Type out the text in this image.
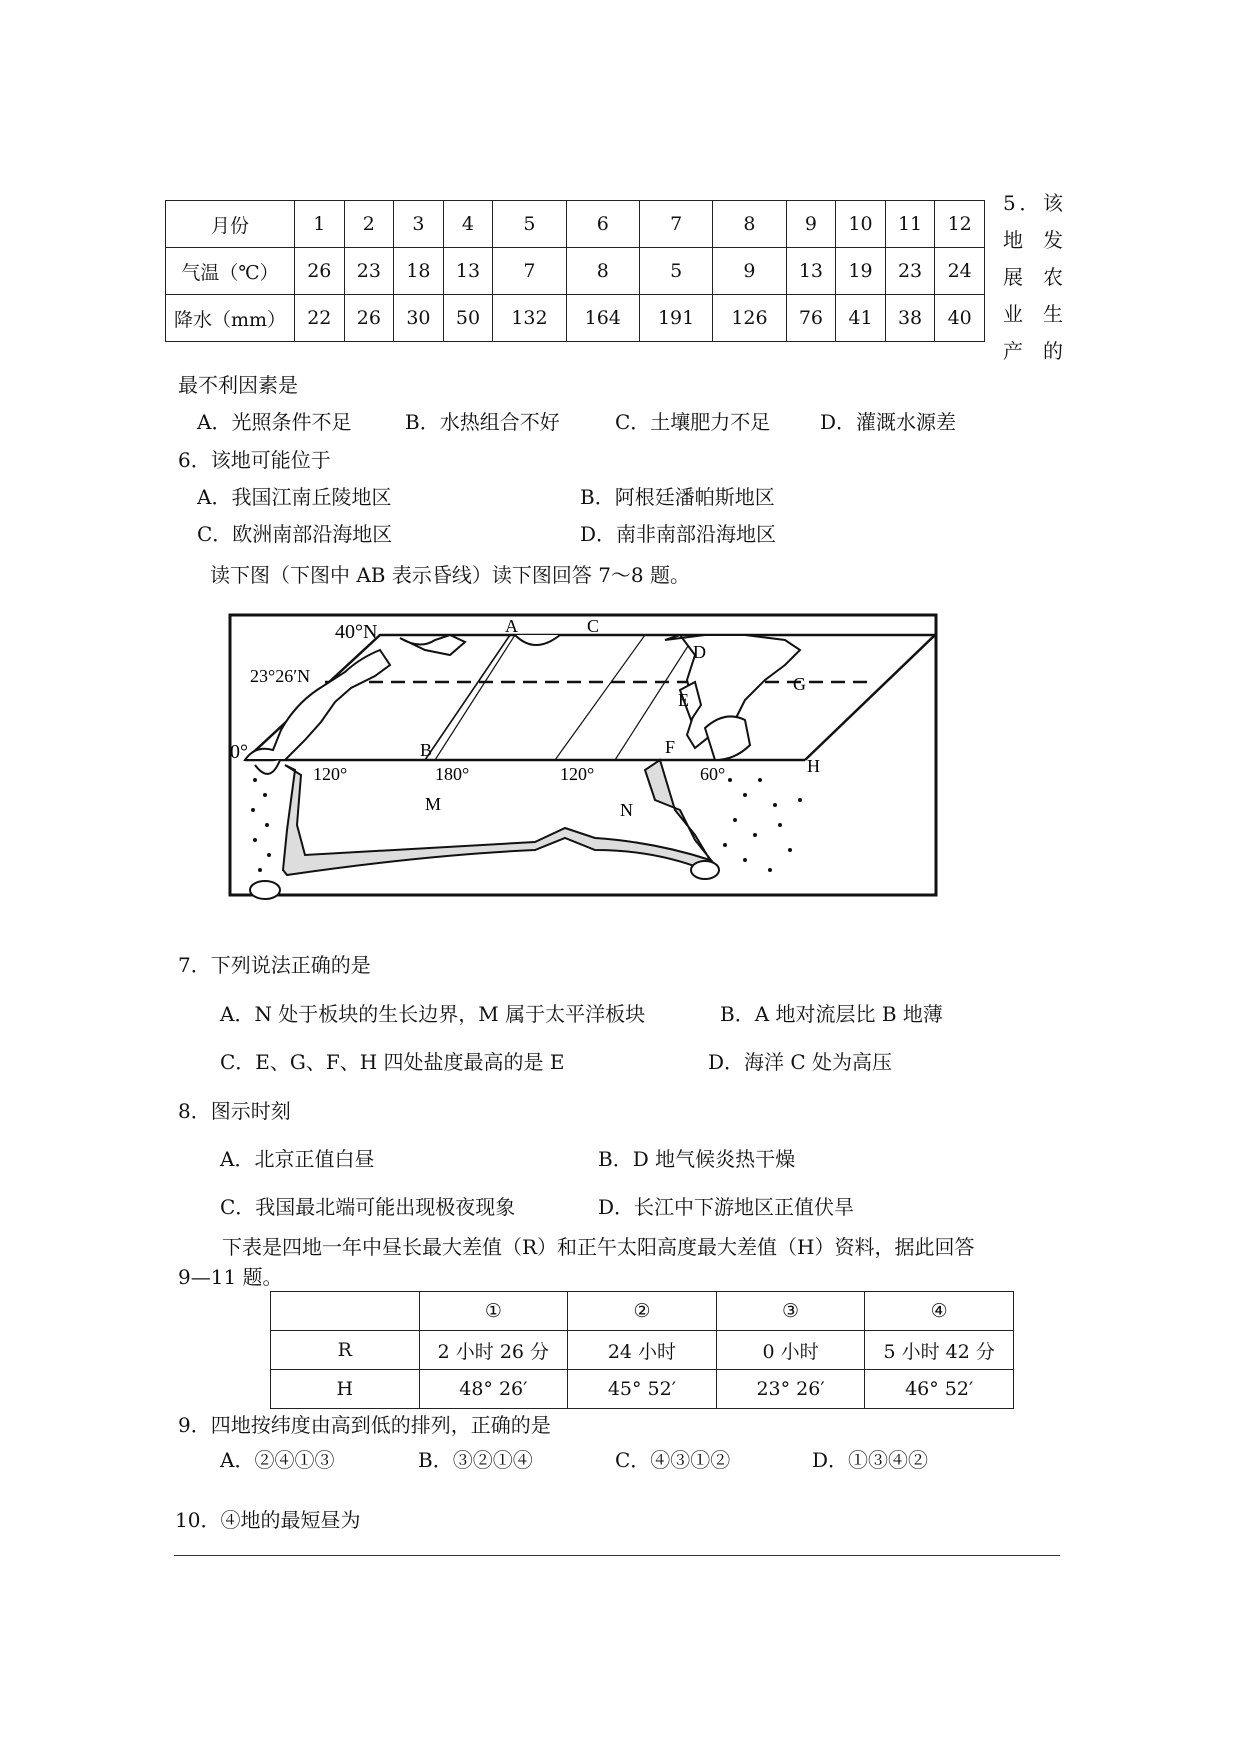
月份	1	2	3	4	5	6	7	8	9	10	11	12
气温（℃）	26	23	18	13	7	8	5	9	13	19	23	24
降水（mm）	22	26	30	50	132	164	191	126	76	41	38	40
5．该
地 发
展 农
业 生
产 的
最不利因素是
A．光照条件不足	B．水热组合不好	C．土壤肥力不足 D．灌溉水源差
6．该地可能位于
A．我国江南丘陵地区	B．阿根廷潘帕斯地区
C．欧洲南部沿海地区	D．南非南部沿海地区
读下图（下图中 AB 表示昏线）读下图回答 7～8 题。
40°N
23°26′N
0°
120°	180°	120°	60°
A
B
C
D
E
F
G
H
M	N
7．下列说法正确的是
A．N 处于板块的生长边界，M 属于太平洋板块	B．A 地对流层比 B 地薄
C．E、G、F、H 四处盐度最高的是 E	D．海洋 C 处为高压
8．图示时刻
A．北京正值白昼	B．D 地气候炎热干燥
C．我国最北端可能出现极夜现象	D．长江中下游地区正值伏旱
下表是四地一年中昼长最大差值（R）和正午太阳高度最大差值（H）资料，据此回答
9—11 题。
	①	②	③	④
R	2 小时 26 分	24 小时	0 小时	5 小时 42 分
H	48° 26′	45° 52′	23° 26′	46° 52′
9．四地按纬度由高到低的排列，正确的是
A．②④①③	B．③②①④	C．④③①②	D．①③④②
10．④地的最短昼为
